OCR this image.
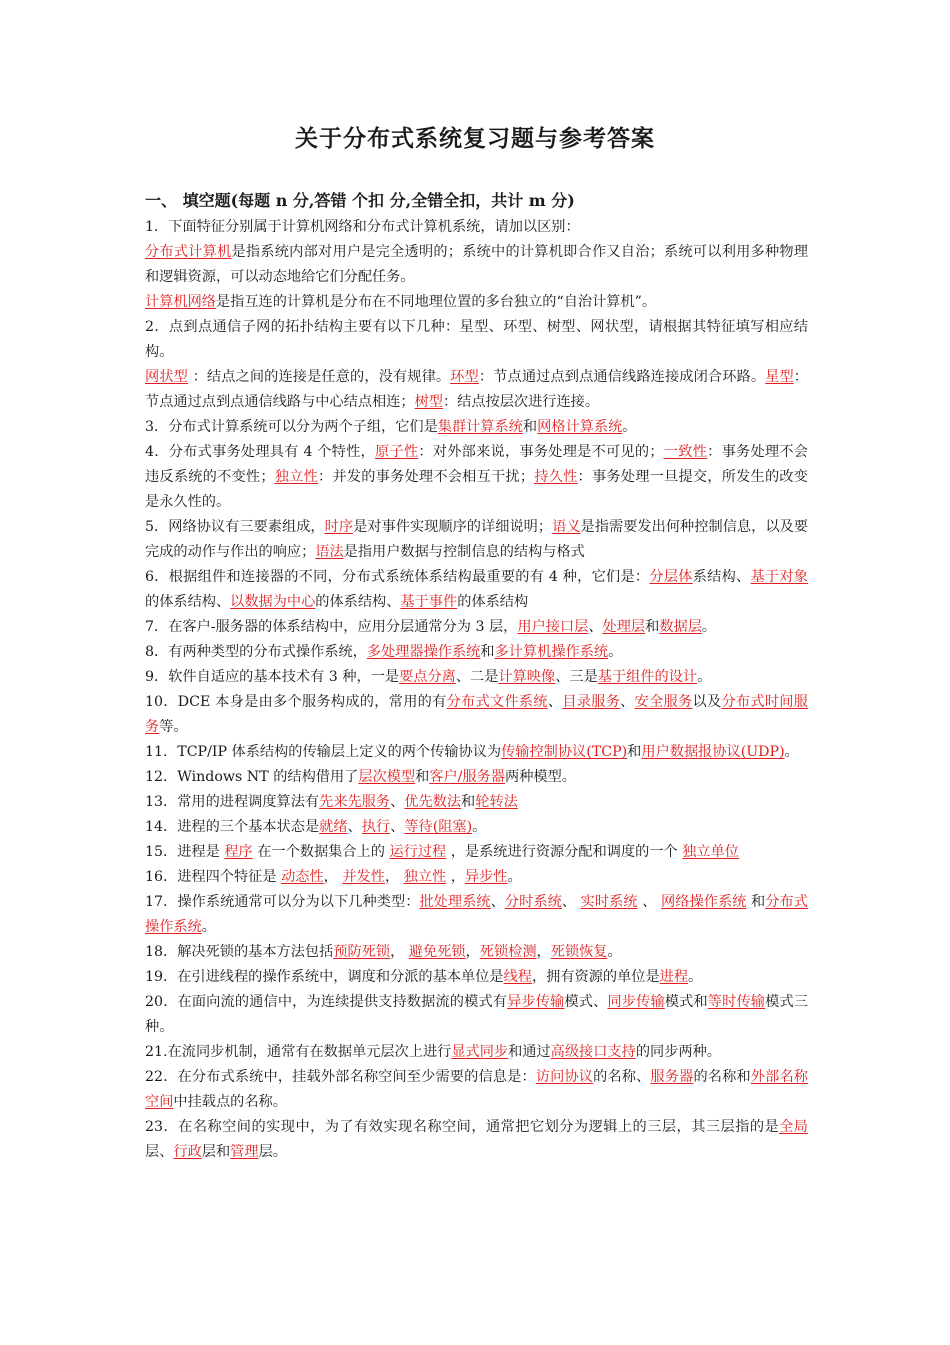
关于分布式系统复习题与参考答案
一、 填空题(每题 n 分,答错 个扣 分,全错全扣，共计 m 分)

1．下面特征分别属于计算机网络和分布式计算机系统，请加以区别：

分布式计算机是指系统内部对用户是完全透明的；系统中的计算机即合作又自治；系统可以利用多种物理和逻辑资源，可以动态地给它们分配任务。

计算机网络是指互连的计算机是分布在不同地理位置的多台独立的“自治计算机”。

2．点到点通信子网的拓扑结构主要有以下几种：星型、环型、树型、网状型，请根据其特征填写相应结构。

网状型 ：结点之间的连接是任意的，没有规律。环型：节点通过点到点通信线路连接成闭合环路。星型：节点通过点到点通信线路与中心结点相连；树型：结点按层次进行连接。

3．分布式计算系统可以分为两个子组，它们是集群计算系统和网格计算系统。

4．分布式事务处理具有 4 个特性，原子性：对外部来说，事务处理是不可见的；一致性：事务处理不会违反系统的不变性；独立性：并发的事务处理不会相互干扰；持久性：事务处理一旦提交，所发生的改变是永久性的。

5．网络协议有三要素组成，时序是对事件实现顺序的详细说明；语义是指需要发出何种控制信息，以及要完成的动作与作出的响应；语法是指用户数据与控制信息的结构与格式

6．根据组件和连接器的不同，分布式系统体系结构最重要的有 4 种，它们是：分层体系结构、基于对象的体系结构、以数据为中心的体系结构、基于事件的体系结构

7．在客户-服务器的体系结构中，应用分层通常分为 3 层，用户接口层、处理层和数据层。

8．有两种类型的分布式操作系统，多处理器操作系统和多计算机操作系统。

9．软件自适应的基本技术有 3 种，一是要点分离、二是计算映像、三是基于组件的设计。

10．DCE 本身是由多个服务构成的，常用的有分布式文件系统、目录服务、安全服务以及分布式时间服务等。

11．TCP/IP 体系结构的传输层上定义的两个传输协议为传输控制协议(TCP)和用户数据报协议(UDP)。

12．Windows NT 的结构借用了层次模型和客户/服务器两种模型。

13．常用的进程调度算法有先来先服务、优先数法和轮转法

14．进程的三个基本状态是就绪、执行、等待(阻塞)。

15．进程是 程序 在一个数据集合上的 运行过程 ，是系统进行资源分配和调度的一个 独立单位

16．进程四个特征是 动态性， 并发性， 独立性 ，异步性。

17．操作系统通常可以分为以下几种类型：批处理系统、分时系统、 实时系统 、 网络操作系统 和分布式操作系统。

18．解决死锁的基本方法包括预防死锁， 避免死锁，死锁检测，死锁恢复。

19．在引进线程的操作系统中，调度和分派的基本单位是线程，拥有资源的单位是进程。

20．在面向流的通信中，为连续提供支持数据流的模式有异步传输模式、同步传输模式和等时传输模式三种。

21.在流同步机制，通常有在数据单元层次上进行显式同步和通过高级接口支持的同步两种。

22．在分布式系统中，挂载外部名称空间至少需要的信息是：访问协议的名称、服务器的名称和外部名称空间中挂载点的名称。

23．在名称空间的实现中，为了有效实现名称空间，通常把它划分为逻辑上的三层，其三层指的是全局层、行政层和管理层。
